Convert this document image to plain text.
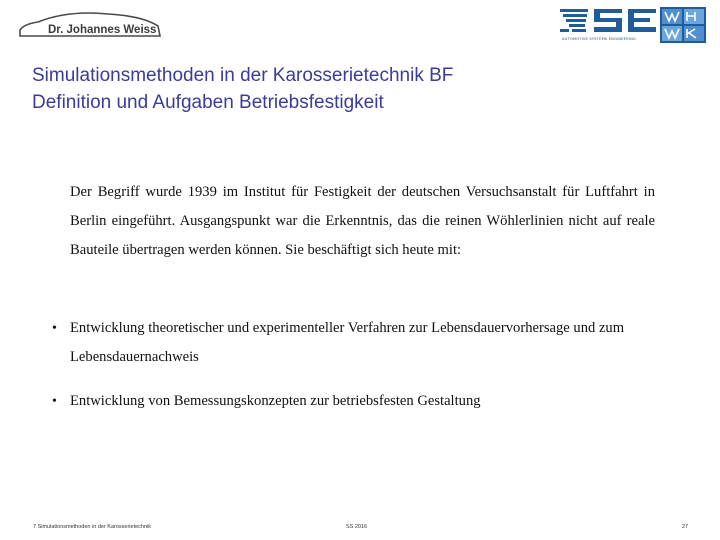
Dr. Johannes Weiss
AUTOMOTIVE SYSTEMS ENGINEERING
Simulationsmethoden in der Karosserietechnik BF
Definition und Aufgaben Betriebsfestigkeit
Der Begriff wurde 1939 im Institut für Festigkeit der deutschen Versuchsanstalt für Luftfahrt in Berlin eingeführt. Ausgangspunkt war die Erkenntnis, das die reinen Wöhlerlinien nicht auf reale Bauteile übertragen werden können. Sie beschäftigt sich heute mit:
• Entwicklung theoretischer und experimenteller Verfahren zur Lebensdauervorhersage und zum Lebensdauernachweis
• Entwicklung von Bemessungskonzepten zur betriebsfesten Gestaltung
7 Simulationsmethoden in der Karosserietechnik	SS 2016	27
